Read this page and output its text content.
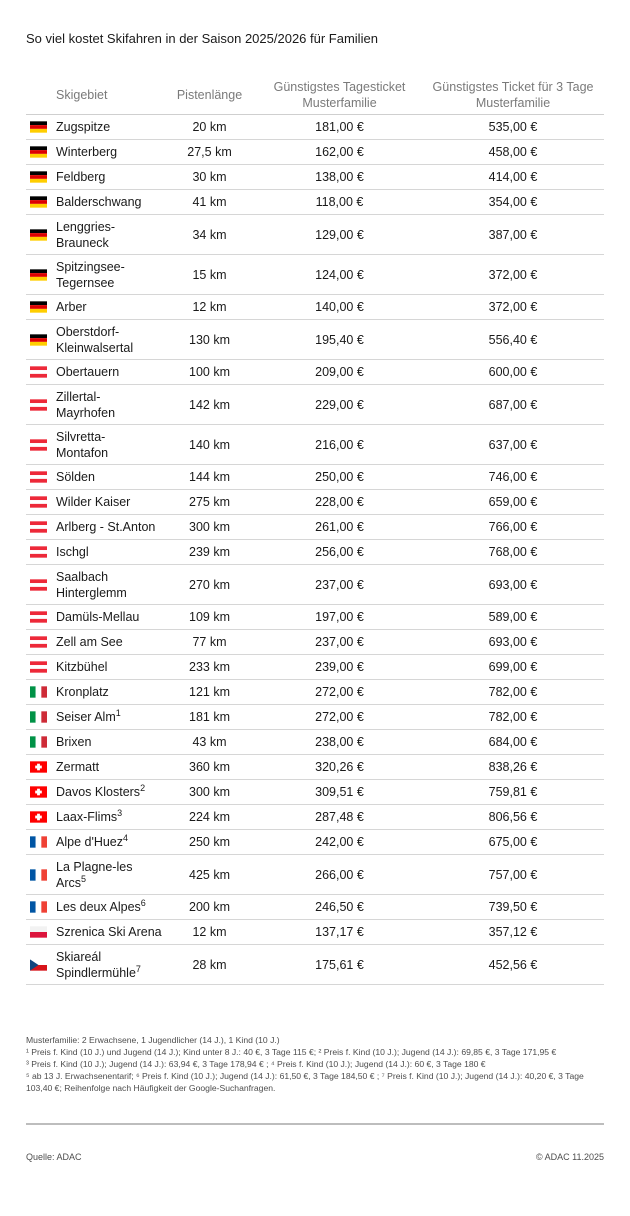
So viel kostet Skifahren in der Saison 2025/2026 für Familien
Skigebiet	Pistenlänge	Günstigstes Tagesticket
Musterfamilie	Günstigstes Ticket für 3 Tage
Musterfamilie

Zugspitze	20 km	181,00 €	535,00 €

Winterberg	27,5 km	162,00 €	458,00 €

Feldberg	30 km	138,00 €	414,00 €

Balderschwang	41 km	118,00 €	354,00 €

Lenggries-
Brauneck	34 km	129,00 €	387,00 €

Spitzingsee-
Tegernsee	15 km	124,00 €	372,00 €

Arber	12 km	140,00 €	372,00 €

Oberstdorf-
Kleinwalsertal	130 km	195,40 €	556,40 €

Obertauern	100 km	209,00 €	600,00 €

Zillertal-
Mayrhofen	142 km	229,00 €	687,00 €

Silvretta-
Montafon	140 km	216,00 €	637,00 €

Sölden	144 km	250,00 €	746,00 €

Wilder Kaiser	275 km	228,00 €	659,00 €

Arlberg - St.Anton	300 km	261,00 €	766,00 €

Ischgl	239 km	256,00 €	768,00 €

Saalbach
Hinterglemm	270 km	237,00 €	693,00 €

Damüls-Mellau	109 km	197,00 €	589,00 €

Zell am See	77 km	237,00 €	693,00 €

Kitzbühel	233 km	239,00 €	699,00 €

Kronplatz	121 km	272,00 €	782,00 €

Seiser Alm$^1$	181 km	272,00 €	782,00 €

Brixen	43 km	238,00 €	684,00 €

Zermatt	360 km	320,26 €	838,26 €

Davos Klosters$^2$	300 km	309,51 €	759,81 €

Laax-Flims$^3$	224 km	287,48 €	806,56 €

Alpe d'Huez$^4$	250 km	242,00 €	675,00 €

La Plagne-les
Arcs$^5$	425 km	266,00 €	757,00 €

Les deux Alpes$^6$	200 km	246,50 €	739,50 €

Szrenica Ski Arena	12 km	137,17 €	357,12 €

Skiareál
Spindlermühle$^7$	28 km	175,61 €	452,56 €
Musterfamilie: 2 Erwachsene, 1 Jugendlicher (14 J.), 1 Kind (10 J.)
¹ Preis f. Kind (10 J.) und Jugend (14 J.); Kind unter 8 J.: 40 €, 3 Tage 115 €; ² Preis f. Kind (10 J.); Jugend (14 J.): 69,85 €, 3 Tage 171,95 €
³ Preis f. Kind (10 J.); Jugend (14 J.): 63,94 €, 3 Tage 178,94 € ; ⁴ Preis f. Kind (10 J.); Jugend (14 J.): 60 €, 3 Tage 180 €
⁵ ab 13 J. Erwachsenentarif; ⁶ Preis f. Kind (10 J.); Jugend (14 J.): 61,50 €, 3 Tage 184,50 € ; ⁷ Preis f. Kind (10 J.); Jugend (14 J.): 40,20 €, 3 Tage 103,40 €; Reihenfolge nach Häufigkeit der Google-Suchanfragen.
Quelle: ADAC	© ADAC 11.2025
